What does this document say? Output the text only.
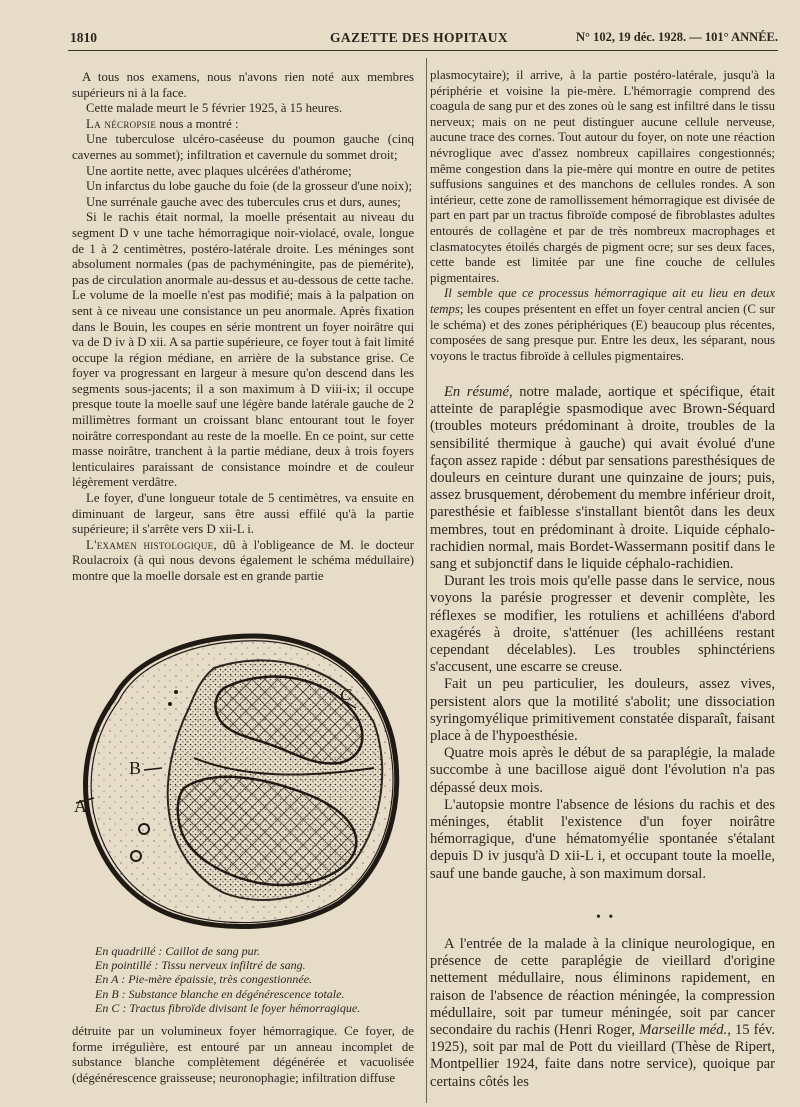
1810	GAZETTE DES HOPITAUX	N° 102, 19 déc. 1928. — 101° ANNÉE.

A tous nos examens, nous n'avons rien noté aux membres supérieurs ni à la face.

Cette malade meurt le 5 février 1925, à 15 heures.

La nécropsie nous a montré :

Une tuberculose ulcéro-caséeuse du poumon gauche (cinq cavernes au sommet); infiltration et cavernule du sommet droit;

Une aortite nette, avec plaques ulcérées d'athérome;

Un infarctus du lobe gauche du foie (de la grosseur d'une noix);

Une surrénale gauche avec des tubercules crus et durs, aunes;

Si le rachis était normal, la moelle présentait au niveau du segment D v une tache hémorragique noir-violacé, ovale, longue de 1 à 2 centimètres, postéro-latérale droite. Les méninges sont absolument normales (pas de pachyméningite, pas de piemérite), pas de circulation anormale au-dessus et au-dessous de cette tache. Le volume de la moelle n'est pas modifié; mais à la palpation on sent à ce niveau une consistance un peu anormale. Après fixation dans le Bouin, les coupes en série montrent un foyer noirâtre qui va de D iv à D xii. A sa partie supérieure, ce foyer tout à fait limité occupe la région médiane, en arrière de la substance grise. Ce foyer va progressant en largeur à mesure qu'on descend dans les segments sous-jacents; il a son maximum à D viii-ix; il occupe presque toute la moelle sauf une légère bande latérale gauche de 2 millimètres formant un croissant blanc entourant tout le foyer noirâtre correspondant au reste de la moelle. En ce point, sur cette masse noirâtre, tranchent à la partie médiane, deux à trois foyers lenticulaires paraissant de consistance moindre et de couleur légèrement verdâtre.

Le foyer, d'une longueur totale de 5 centimètres, va ensuite en diminuant de largeur, sans être aussi effilé qu'à la partie supérieure; il s'arrête vers D xii-L i.

L'examen histologique, dû à l'obligeance de M. le docteur Roulacroix (à qui nous devons également le schéma médullaire) montre que la moelle dorsale est en grande partie

A
B
C
En quadrillé : Caillot de sang pur.
En pointillé : Tissu nerveux infiltré de sang.
En A : Pie-mère épaissie, très congestionnée.
En B : Substance blanche en dégénérescence totale.
En C : Tractus fibroïde divisant le foyer hémorragique.

détruite par un volumineux foyer hémorragique. Ce foyer, de forme irrégulière, est entouré par un anneau incomplet de substance blanche complètement dégénérée et vacuolisée (dégénérescence graisseuse; neuronophagie; infiltration diffuse

plasmocytaire); il arrive, à la partie postéro-latérale, jusqu'à la périphérie et voisine la pie-mère. L'hémorragie comprend des coagula de sang pur et des zones où le sang est infiltré dans le tissu nerveux; mais on ne peut distinguer aucune cellule nerveuse, aucune trace des cornes. Tout autour du foyer, on note une réaction névroglique avec d'assez nombreux capillaires congestionnés; même congestion dans la pie-mère qui montre en outre de petites suffusions sanguines et des manchons de cellules rondes. A son intérieur, cette zone de ramollissement hémorragique est divisée de part en part par un tractus fibroïde composé de fibroblastes adultes entourés de collagène et par de très nombreux macrophages et clasmatocytes étoilés chargés de pigment ocre; sur ses deux faces, cette bande est limitée par une fine couche de cellules pigmentaires.

Il semble que ce processus hémorragique ait eu lieu en deux temps; les coupes présentent en effet un foyer central ancien (C sur le schéma) et des zones périphériques (E) beaucoup plus récentes, composées de sang presque pur. Entre les deux, les séparant, nous voyons le tractus fibroïde à cellules pigmentaires.

En résumé, notre malade, aortique et spécifique, était atteinte de paraplégie spasmodique avec Brown-Séquard (troubles moteurs prédominant à droite, troubles de la sensibilité thermique à gauche) qui avait évolué d'une façon assez rapide : début par sensations paresthésiques de douleurs en ceinture durant une quinzaine de jours; puis, assez brusquement, dérobement du membre inférieur droit, paresthésie et faiblesse s'installant bientôt dans les deux membres, tout en prédominant à droite. Liquide céphalo-rachidien normal, mais Bordet-Wassermann positif dans le sang et subjonctif dans le liquide céphalo-rachidien.

Durant les trois mois qu'elle passe dans le service, nous voyons la parésie progresser et devenir complète, les réflexes se modifier, les rotuliens et achilléens d'abord exagérés à droite, s'atténuer (les achilléens restant cependant décelables). Les troubles sphinctériens s'accusent, une escarre se creuse.

Fait un peu particulier, les douleurs, assez vives, persistent alors que la motilité s'abolit; une dissociation syringomyélique primitivement constatée disparaît, faisant place à de l'hypoesthésie.

Quatre mois après le début de sa paraplégie, la malade succombe à une bacillose aiguë dont l'évolution n'a pas dépassé deux mois.

L'autopsie montre l'absence de lésions du rachis et des méninges, établit l'existence d'un foyer noirâtre hémorragique, d'une hématomyélie spontanée s'étalant depuis D iv jusqu'à D xii-L i, et occupant toute la moelle, sauf une bande gauche, à son maximum dorsal.

• •

A l'entrée de la malade à la clinique neurologique, en présence de cette paraplégie de vieillard d'origine nettement médullaire, nous éliminons rapidement, en raison de l'absence de réaction méningée, la compression médullaire, soit par tumeur méningée, soit par cancer secondaire du rachis (Henri Roger, Marseille méd., 15 fév. 1925), soit par mal de Pott du vieillard (Thèse de Ripert, Montpellier 1924, faite dans notre service), quoique par certains côtés les
